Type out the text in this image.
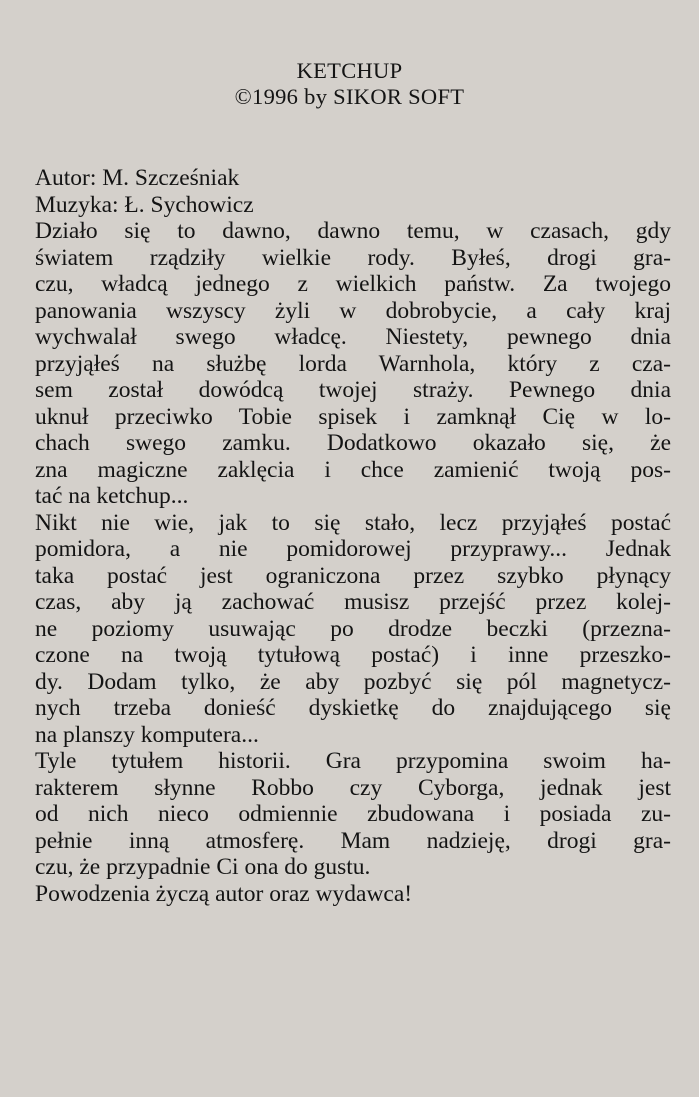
KETCHUP
©1996 by SIKOR SOFT
Autor: M. Szcześniak
Muzyka: Ł. Sychowicz
Działo się to dawno, dawno temu, w czasach, gdy
światem rządziły wielkie rody. Byłeś, drogi gra-
czu, władcą jednego z wielkich państw. Za twojego
panowania wszyscy żyli w dobrobycie, a cały kraj
wychwalał swego władcę. Niestety, pewnego dnia
przyjąłeś na służbę lorda Warnhola, który z cza-
sem został dowódcą twojej straży. Pewnego dnia
uknuł przeciwko Tobie spisek i zamknął Cię w lo-
chach swego zamku. Dodatkowo okazało się, że
zna magiczne zaklęcia i chce zamienić twoją pos-
tać na ketchup...
Nikt nie wie, jak to się stało, lecz przyjąłeś postać
pomidora, a nie pomidorowej przyprawy... Jednak
taka postać jest ograniczona przez szybko płynący
czas, aby ją zachować musisz przejść przez kolej-
ne poziomy usuwając po drodze beczki (przezna-
czone na twoją tytułową postać) i inne przeszko-
dy. Dodam tylko, że aby pozbyć się pól magnetycz-
nych trzeba donieść dyskietkę do znajdującego się
na planszy komputera...
Tyle tytułem historii. Gra przypomina swoim ha-
rakterem słynne Robbo czy Cyborga, jednak jest
od nich nieco odmiennie zbudowana i posiada zu-
pełnie inną atmosferę. Mam nadzieję, drogi gra-
czu, że przypadnie Ci ona do gustu.
Powodzenia życzą autor oraz wydawca!
